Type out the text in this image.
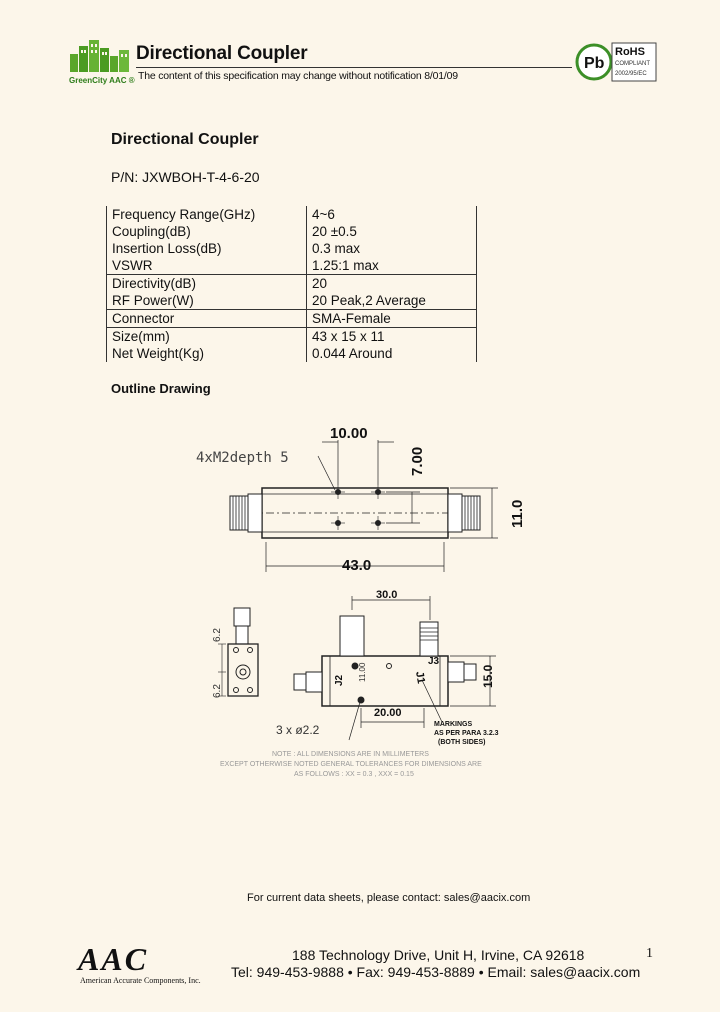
GreenCity AAC ®
Directional Coupler
The content of this specification may change without notification 8/01/09
Pb
RoHS
COMPLIANT
2002/95/EC
Directional Coupler
P/N: JXWBOH-T-4-6-20
Frequency Range(GHz)	4~6
Coupling(dB)	20 ±0.5
Insertion Loss(dB)	0.3 max
VSWR	1.25:1 max
Directivity(dB)	20
RF Power(W)	20 Peak,2 Average
Connector	SMA-Female
Size(mm)	43 x 15 x 11
Net Weight(Kg)	0.044 Around
Outline Drawing
10.00
7.00
11.0
43.0
4xM2depth 5
6.2
6.2
30.0
15.0
20.00
11.00
J2
J3
J1
3 x ø2.2	MARKINGS
AS PER PARA 3.2.3
(BOTH SIDES)
NOTE : ALL DIMENSIONS ARE IN MILLIMETERS
EXCEPT OTHERWISE NOTED GENERAL TOLERANCES FOR DIMENSIONS ARE
AS FOLLOWS : XX = 0.3 , XXX = 0.15
For current data sheets, please contact: sales@aacix.com
AAC
American Accurate Components, Inc.
188 Technology Drive, Unit H, Irvine, CA 92618
Tel: 949-453-9888 • Fax: 949-453-8889 • Email: sales@aacix.com
1
